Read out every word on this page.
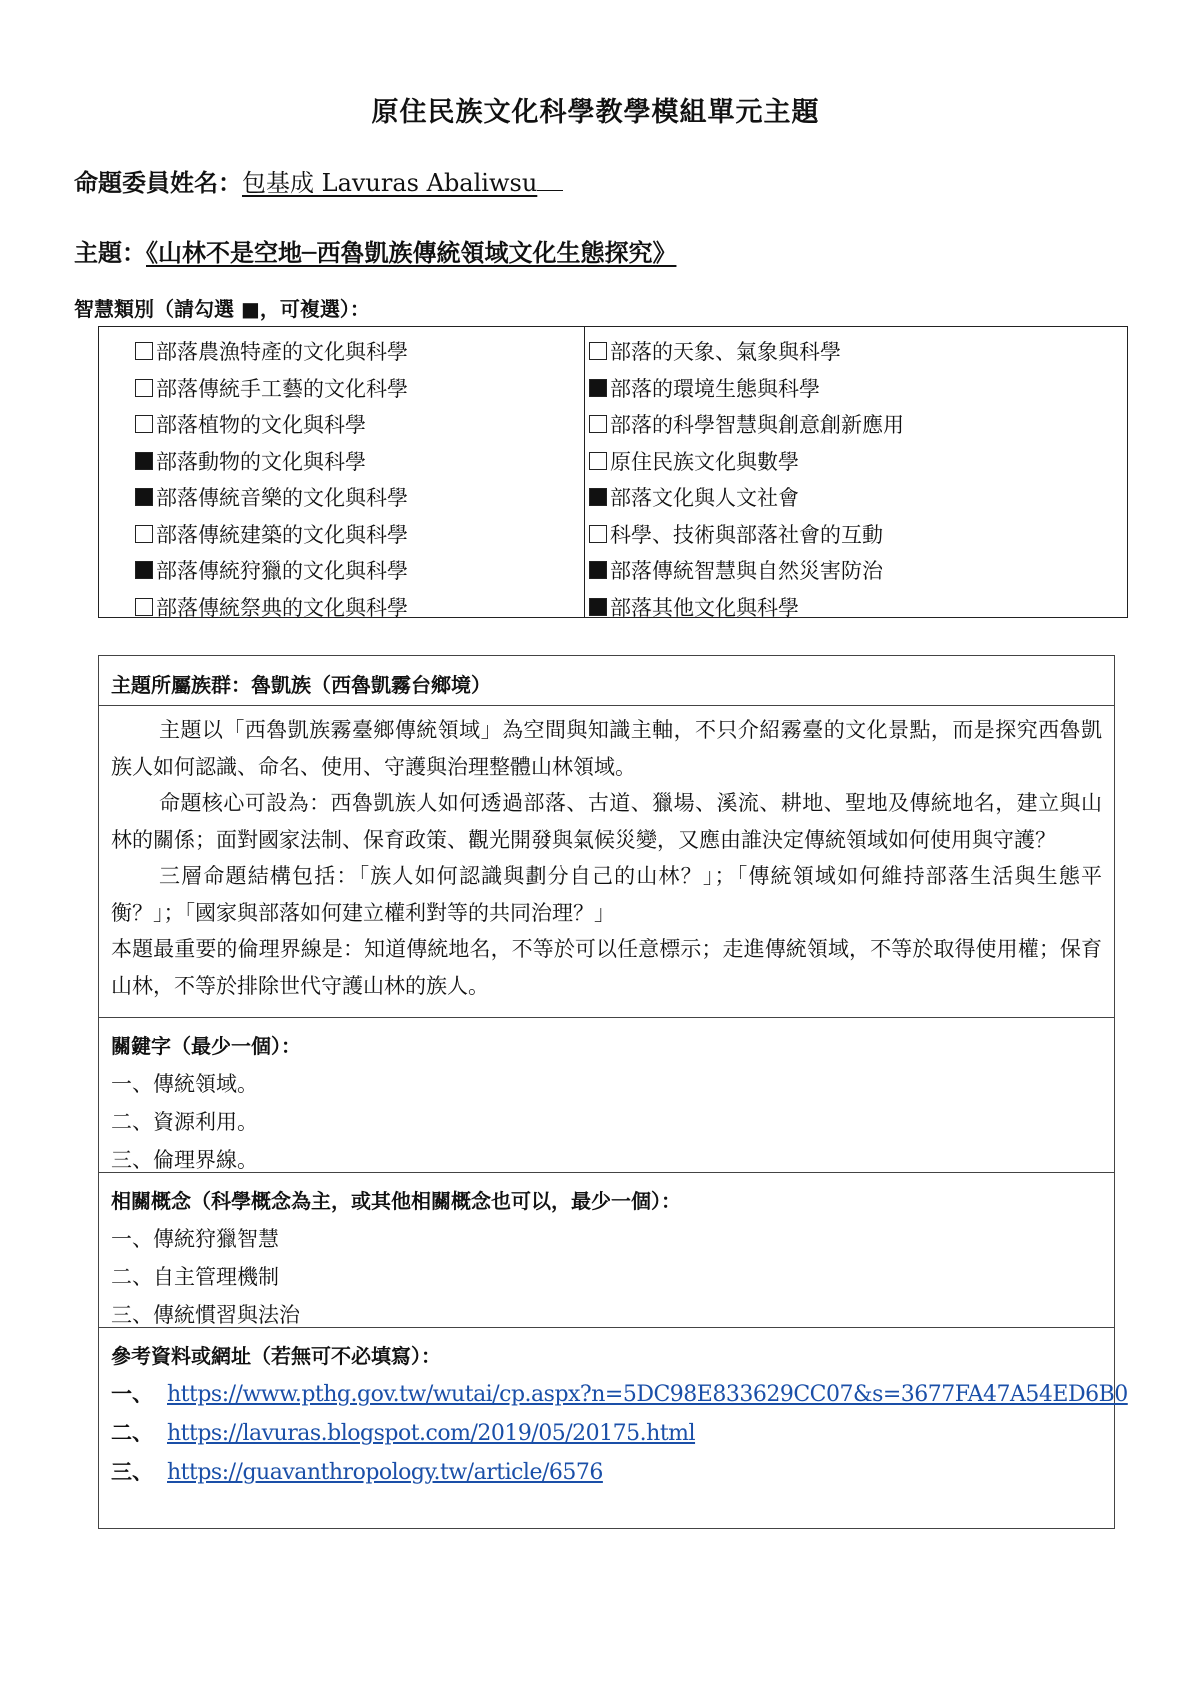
原住民族文化科學教學模組單元主題
命題委員姓名：包基成 Lavuras Abaliwsu
主題：《山林不是空地─西魯凱族傳統領域文化生態探究》
智慧類別（請勾選 ■，可複選）：
部落農漁特產的文化與科學
部落傳統手工藝的文化科學
部落植物的文化與科學
部落動物的文化與科學
部落傳統音樂的文化與科學
部落傳統建築的文化與科學
部落傳統狩獵的文化與科學
部落傳統祭典的文化與科學
部落的天象、氣象與科學
部落的環境生態與科學
部落的科學智慧與創意創新應用
原住民族文化與數學
部落文化與人文社會
科學、技術與部落社會的互動
部落傳統智慧與自然災害防治
部落其他文化與科學
主題所屬族群：魯凱族（西魯凱霧台鄉境）

主題以「西魯凱族霧臺鄉傳統領域」為空間與知識主軸，不只介紹霧臺的文化景點，而是探究西魯凱族人如何認識、命名、使用、守護與治理整體山林領域。

命題核心可設為：西魯凱族人如何透過部落、古道、獵場、溪流、耕地、聖地及傳統地名，建立與山林的關係；面對國家法制、保育政策、觀光開發與氣候災變，又應由誰決定傳統領域如何使用與守護？

三層命題結構包括：「族人如何認識與劃分自己的山林？」；「傳統領域如何維持部落生活與生態平衡？」；「國家與部落如何建立權利對等的共同治理？」

本題最重要的倫理界線是：知道傳統地名，不等於可以任意標示；走進傳統領域，不等於取得使用權；保育山林，不等於排除世代守護山林的族人。

關鍵字（最少一個）：
一、傳統領域。
二、資源利用。
三、倫理界線。
相關概念（科學概念為主，或其他相關概念也可以，最少一個）：
一、傳統狩獵智慧
二、自主管理機制
三、傳統慣習與法治
參考資料或網址（若無可不必填寫）：
一、 https://www.pthg.gov.tw/wutai/cp.aspx?n=5DC98E833629CC07&s=3677FA47A54ED6B0
二、 https://lavuras.blogspot.com/2019/05/20175.html
三、 https://guavanthropology.tw/article/6576
